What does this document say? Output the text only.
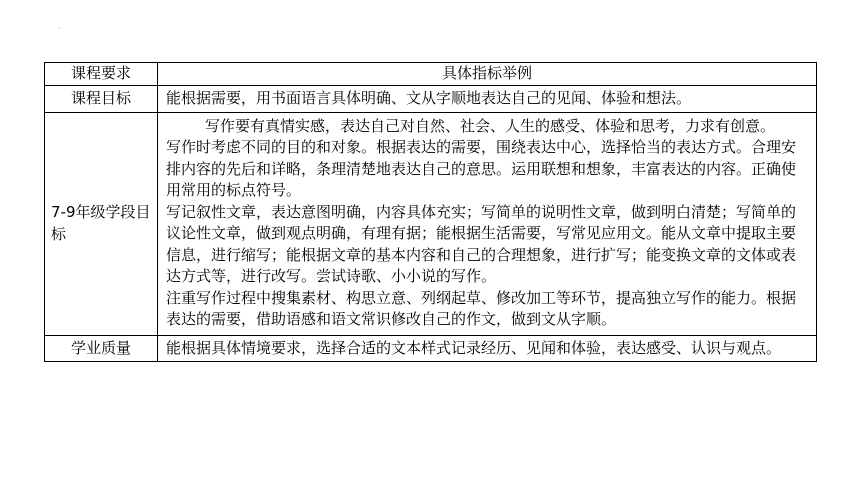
.
课程要求	具体指标举例
课程目标	能根据需要，用书面语言具体明确、文从字顺地表达自己的见闻、体验和想法。

7-9年级学段目标	写作要有真情实感，表达自己对自然、社会、人生的感受、体验和思考，力求有创意。

写作时考虑不同的目的和对象。根据表达的需要，围绕表达中心，选择恰当的表达方式。合理安排内容的先后和详略，条理清楚地表达自己的意思。运用联想和想象，丰富表达的内容。正确使用常用的标点符号。

写记叙性文章，表达意图明确，内容具体充实；写简单的说明性文章，做到明白清楚；写简单的议论性文章，做到观点明确，有理有据；能根据生活需要，写常见应用文。能从文章中提取主要信息，进行缩写；能根据文章的基本内容和自己的合理想象，进行扩写；能变换文章的文体或表达方式等，进行改写。尝试诗歌、小小说的写作。

注重写作过程中搜集素材、构思立意、列纲起草、修改加工等环节，提高独立写作的能力。根据表达的需要，借助语感和语文常识修改自己的作文，做到文从字顺。

学业质量	能根据具体情境要求，选择合适的文本样式记录经历、见闻和体验，表达感受、认识与观点。
